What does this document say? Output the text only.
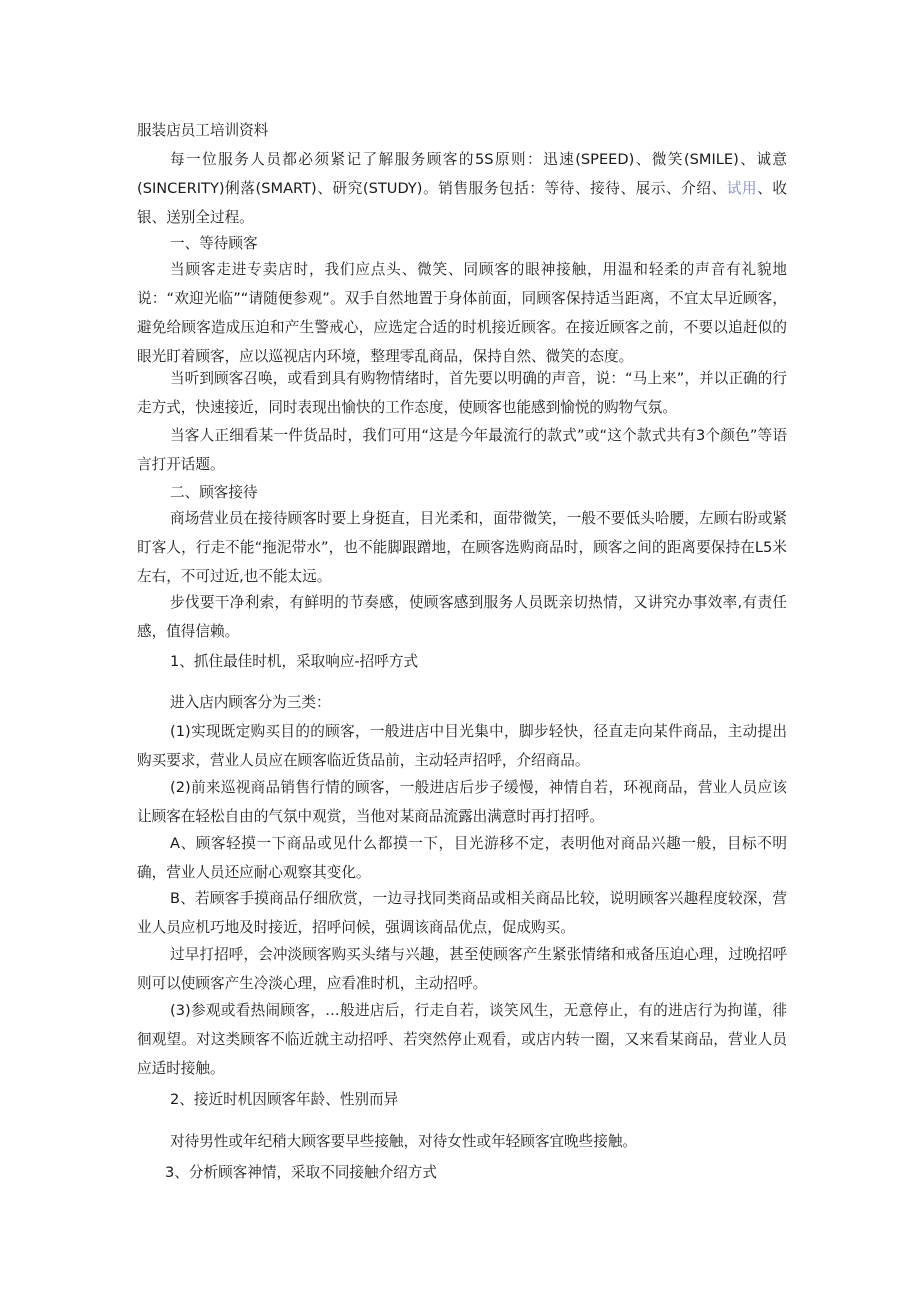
服装店员工培训资料
每一位服务人员都必须紧记了解服务顾客的5S原则：迅速(SPEED)、微笑(SMILE)、诚意(SINCERITY)俐落(SMART)、研究(STUDY)。销售服务包括：等待、接待、展示、介绍、试用、收银、送别全过程。
一、等待顾客
当顾客走进专卖店时，我们应点头、微笑、同顾客的眼神接触，用温和轻柔的声音有礼貌地说：“欢迎光临”“请随便参观”。双手自然地置于身体前面，同顾客保持适当距离，不宜太早近顾客，避免给顾客造成压迫和产生警戒心，应选定合适的时机接近顾客。在接近顾客之前，不要以追赶似的眼光盯着顾客，应以巡视店内环境，整理零乱商品，保持自然、微笑的态度。
当听到顾客召唤，或看到具有购物情绪时，首先要以明确的声音，说：“马上来”，并以正确的行走方式，快速接近，同时表现出愉快的工作态度，使顾客也能感到愉悦的购物气氛。
当客人正细看某一件货品时，我们可用“这是今年最流行的款式”或“这个款式共有3个颜色”等语言打开话题。
二、顾客接待
商场营业员在接待顾客时要上身挺直，目光柔和，面带微笑，一般不要低头哈腰，左顾右盼或紧盯客人，行走不能“拖泥带水”，也不能脚跟蹭地，在顾客选购商品时，顾客之间的距离要保持在L5米左右，不可过近,也不能太远。
步伐要干净利索，有鲜明的节奏感，使顾客感到服务人员既亲切热情，又讲究办事效率,有责任感，值得信赖。
1、抓住最佳时机，采取响应-招呼方式
进入店内顾客分为三类：
(1)实现既定购买目的的顾客，一般进店中目光集中，脚步轻快，径直走向某件商品，主动提出购买要求，营业人员应在顾客临近货品前，主动轻声招呼，介绍商品。
(2)前来巡视商品销售行情的顾客，一般进店后步子缓慢，神情自若，环视商品，营业人员应该让顾客在轻松自由的气氛中观赏，当他对某商品流露出满意时再打招呼。
A、顾客轻摸一下商品或见什么都摸一下，目光游移不定，表明他对商品兴趣一般，目标不明确，营业人员还应耐心观察其变化。
B、若顾客手摸商品仔细欣赏，一边寻找同类商品或相关商品比较，说明顾客兴趣程度较深，营业人员应机巧地及时接近，招呼问候，强调该商品优点，促成购买。
过早打招呼，会冲淡顾客购买头绪与兴趣，甚至使顾客产生紧张情绪和戒备压迫心理，过晚招呼则可以使顾客产生冷淡心理，应看准时机，主动招呼。
(3)参观或看热闹顾客，…般进店后，行走自若，谈笑风生，无意停止，有的进店行为拘谨，徘徊观望。对这类顾客不临近就主动招呼、若突然停止观看，或店内转一圈，又来看某商品，营业人员应适时接触。
2、接近时机因顾客年龄、性别而异
对待男性或年纪稍大顾客要早些接触，对待女性或年轻顾客宜晚些接触。
3、分析顾客神情，采取不同接触介绍方式
